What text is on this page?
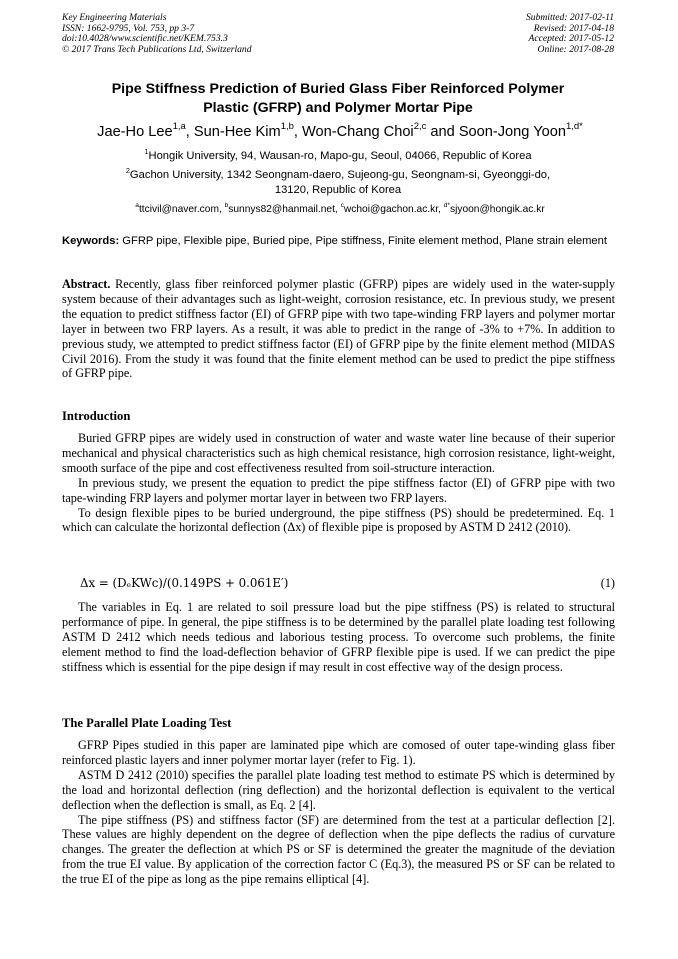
Key Engineering Materials
ISSN: 1662-9795, Vol. 753, pp 3-7
doi:10.4028/www.scientific.net/KEM.753.3
© 2017 Trans Tech Publications Ltd, Switzerland
Submitted: 2017-02-11
Revised: 2017-04-18
Accepted: 2017-05-12
Online: 2017-08-28
Pipe Stiffness Prediction of Buried Glass Fiber Reinforced Polymer
Plastic (GFRP) and Polymer Mortar Pipe
Jae-Ho Lee$^{1,a}$, Sun-Hee Kim$^{1,b}$, Won-Chang Choi$^{2,c}$ and Soon-Jong Yoon$^{1,d*}$
$^1$Hongik University, 94, Wausan-ro, Mapo-gu, Seoul, 04066, Republic of Korea
$^2$Gachon University, 1342 Seongnam-daero, Sujeong-gu, Seongnam-si, Gyeonggi-do,
13120, Republic of Korea
$^a$ttcivil@naver.com, $^b$sunnys82@hanmail.net, $^c$wchoi@gachon.ac.kr, $^{d*}$sjyoon@hongik.ac.kr
Keywords: GFRP pipe, Flexible pipe, Buried pipe, Pipe stiffness, Finite element method, Plane strain element

Abstract. Recently, glass fiber reinforced polymer plastic (GFRP) pipes are widely used in the water-supply system because of their advantages such as light-weight, corrosion resistance, etc. In previous study, we present the equation to predict stiffness factor (EI) of GFRP pipe with two tape-winding FRP layers and polymer mortar layer in between two FRP layers. As a result, it was able to predict in the range of -3% to +7%. In addition to previous study, we attempted to predict stiffness factor (EI) of GFRP pipe by the finite element method (MIDAS Civil 2016). From the study it was found that the finite element method can be used to predict the pipe stiffness of GFRP pipe.

Introduction

Buried GFRP pipes are widely used in construction of water and waste water line because of their superior mechanical and physical characteristics such as high chemical resistance, high corrosion resistance, light-weight, smooth surface of the pipe and cost effectiveness resulted from soil-structure interaction.

In previous study, we present the equation to predict the pipe stiffness factor (EI) of GFRP pipe with two tape-winding FRP layers and polymer mortar layer in between two FRP layers.

To design flexible pipes to be buried underground, the pipe stiffness (PS) should be predetermined. Eq. 1 which can calculate the horizontal deflection (Δx) of flexible pipe is proposed by ASTM D 2412 (2010).

Δx = (DₑKWc)/(0.149PS + 0.061E′)	(1)

The variables in Eq. 1 are related to soil pressure load but the pipe stiffness (PS) is related to structural performance of pipe. In general, the pipe stiffness is to be determined by the parallel plate loading test following ASTM D 2412 which needs tedious and laborious testing process. To overcome such problems, the finite element method to find the load-deflection behavior of GFRP flexible pipe is used. If we can predict the pipe stiffness which is essential for the pipe design if may result in cost effective way of the design process.

The Parallel Plate Loading Test

GFRP Pipes studied in this paper are laminated pipe which are comosed of outer tape-winding glass fiber reinforced plastic layers and inner polymer mortar layer (refer to Fig. 1).

ASTM D 2412 (2010) specifies the parallel plate loading test method to estimate PS which is determined by the load and horizontal deflection (ring deflection) and the horizontal deflection is equivalent to the vertical deflection when the deflection is small, as Eq. 2 [4].

The pipe stiffness (PS) and stiffness factor (SF) are determined from the test at a particular deflection [2]. These values are highly dependent on the degree of deflection when the pipe deflects the radius of curvature changes. The greater the deflection at which PS or SF is determined the greater the magnitude of the deviation from the true EI value. By application of the correction factor C (Eq.3), the measured PS or SF can be related to the true EI of the pipe as long as the pipe remains elliptical [4].
